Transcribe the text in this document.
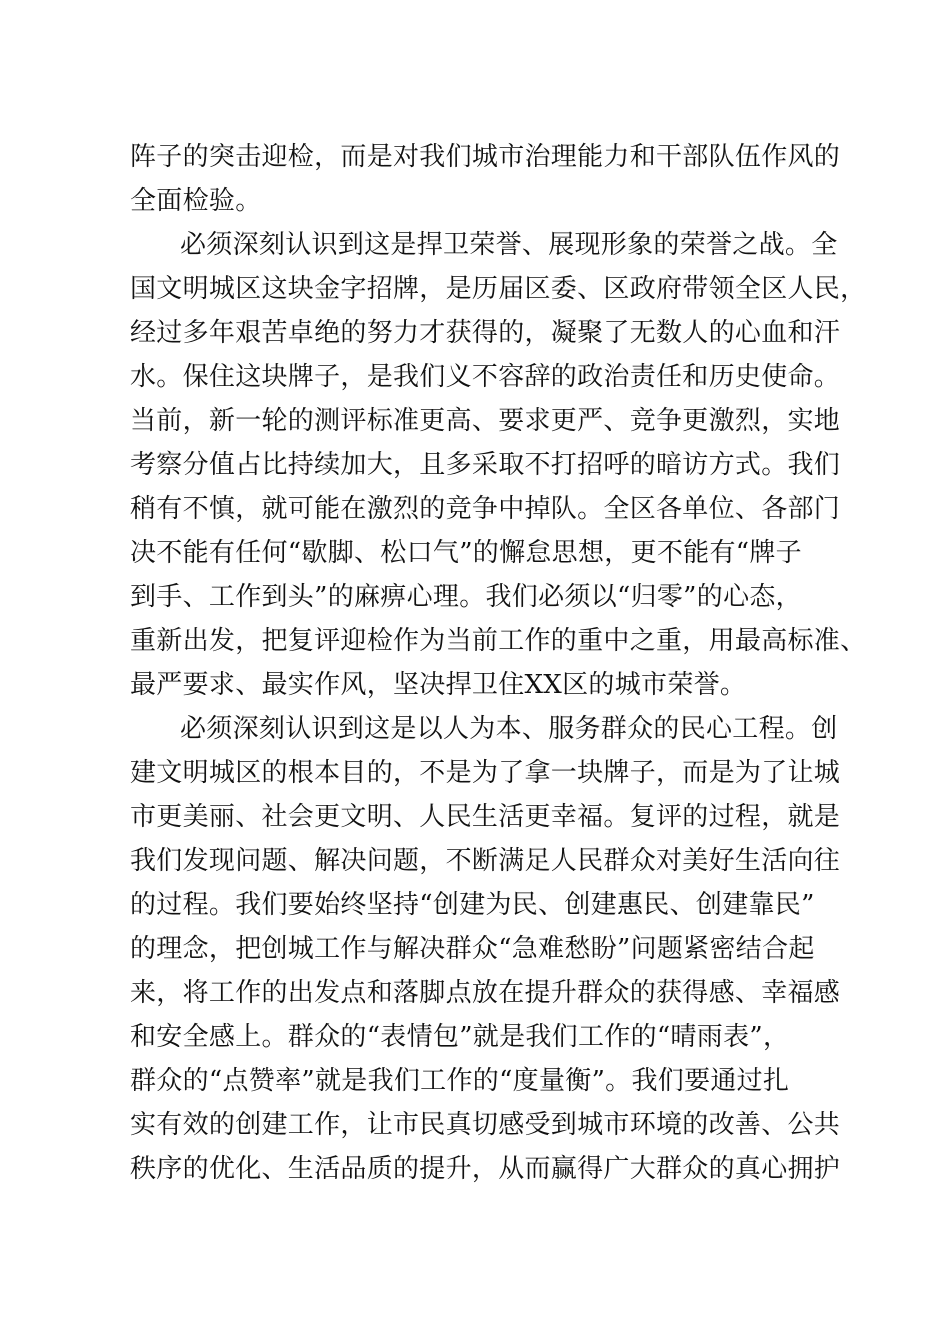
阵子的突击迎检，而是对我们城市治理能力和干部队伍作风的
全面检验。
必须深刻认识到这是捍卫荣誉、展现形象的荣誉之战。全
国文明城区这块金字招牌，是历届区委、区政府带领全区人民，
经过多年艰苦卓绝的努力才获得的，凝聚了无数人的心血和汗
水。保住这块牌子，是我们义不容辞的政治责任和历史使命。
当前，新一轮的测评标准更高、要求更严、竞争更激烈，实地
考察分值占比持续加大，且多采取不打招呼的暗访方式。我们
稍有不慎，就可能在激烈的竞争中掉队。全区各单位、各部门
决不能有任何“歇脚、松口气”的懈怠思想，更不能有“牌子
到手、工作到头”的麻痹心理。我们必须以“归零”的心态，
重新出发，把复评迎检作为当前工作的重中之重，用最高标准、
最严要求、最实作风，坚决捍卫住XX区的城市荣誉。
必须深刻认识到这是以人为本、服务群众的民心工程。创
建文明城区的根本目的，不是为了拿一块牌子，而是为了让城
市更美丽、社会更文明、人民生活更幸福。复评的过程，就是
我们发现问题、解决问题，不断满足人民群众对美好生活向往
的过程。我们要始终坚持“创建为民、创建惠民、创建靠民”
的理念，把创城工作与解决群众“急难愁盼”问题紧密结合起
来，将工作的出发点和落脚点放在提升群众的获得感、幸福感
和安全感上。群众的“表情包”就是我们工作的“晴雨表”，
群众的“点赞率”就是我们工作的“度量衡”。我们要通过扎
实有效的创建工作，让市民真切感受到城市环境的改善、公共
秩序的优化、生活品质的提升，从而赢得广大群众的真心拥护
